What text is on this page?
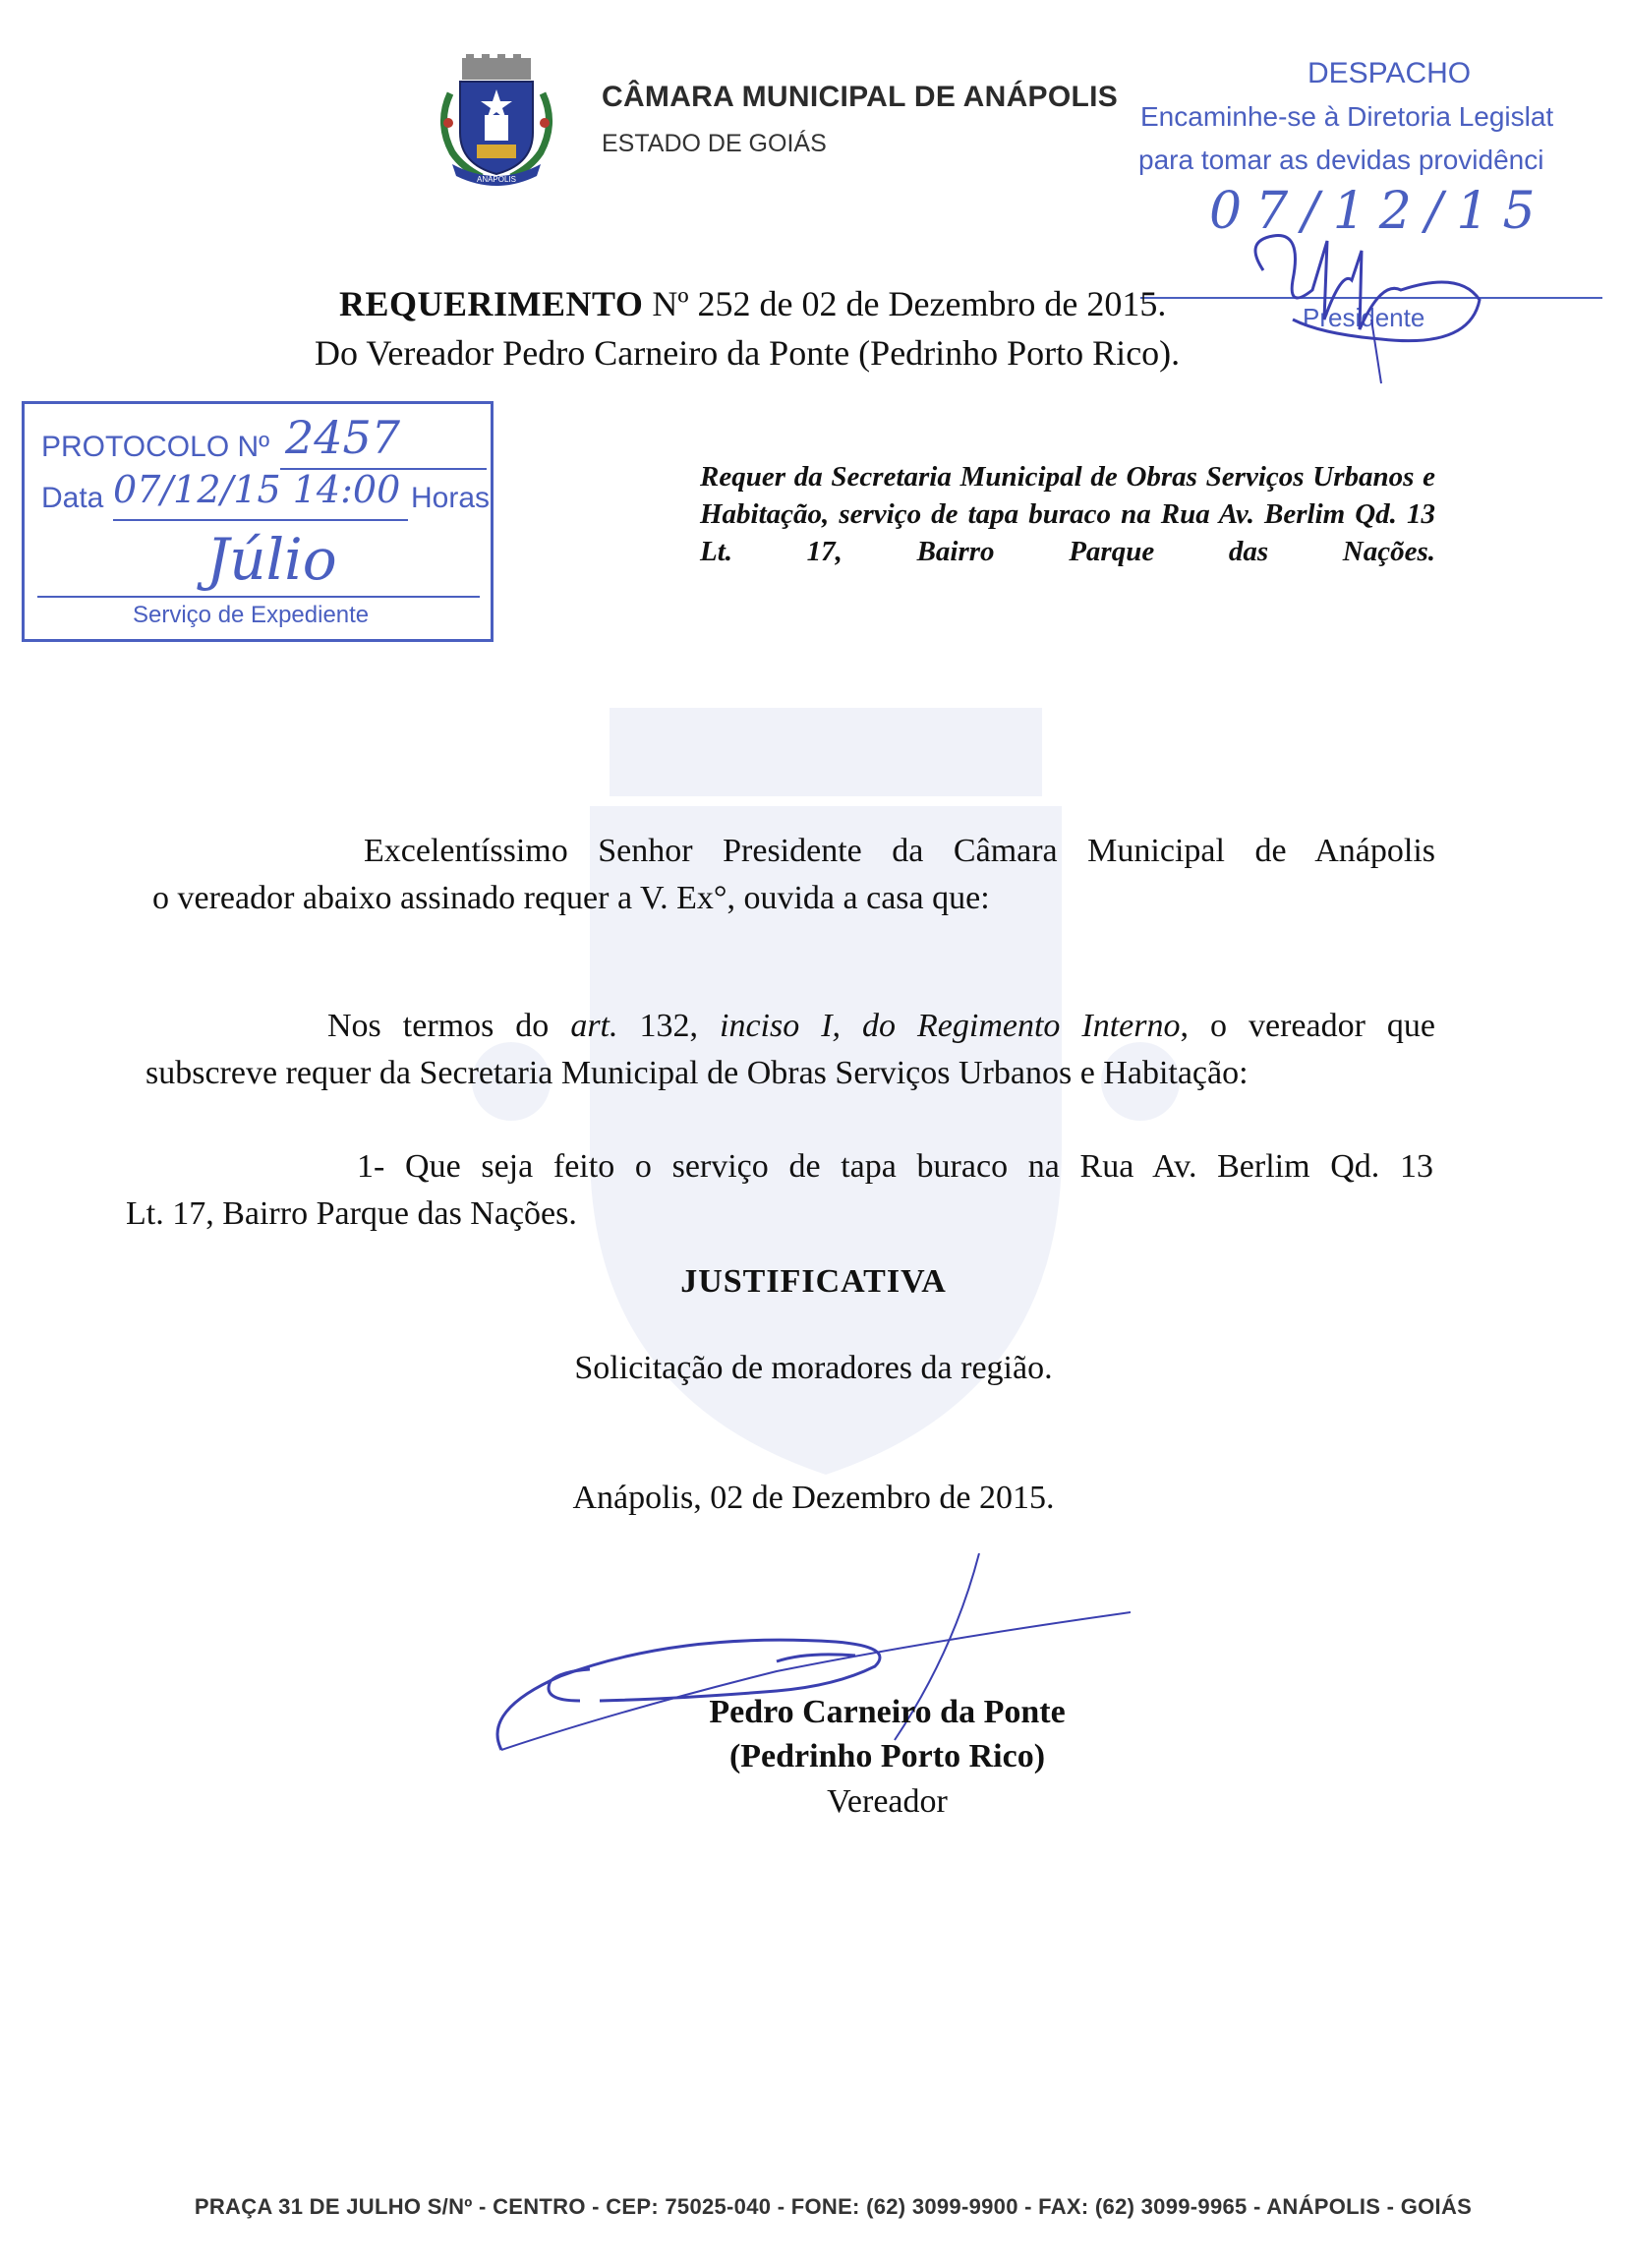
ANÁPOLIS
CÂMARA MUNICIPAL DE ANÁPOLIS
ESTADO DE GOIÁS
DESPACHO
Encaminhe-se à Diretoria Legislat
para tomar as devidas providênci
07/12/15
Presidente
REQUERIMENTO Nº 252 de 02 de Dezembro de 2015.
Do Vereador Pedro Carneiro da Ponte (Pedrinho Porto Rico).
PROTOCOLO Nº 2457
Data 07/12/15 14:00 Horas
Júlio
Serviço de Expediente
Requer da Secretaria Municipal de Obras Serviços Urbanos e Habitação, serviço de tapa buraco na Rua Av. Berlim Qd. 13 Lt. 17, Bairro Parque das Nações.
Excelentíssimo Senhor Presidente da Câmara Municipal de Anápolis
o vereador abaixo assinado requer a V. Ex°, ouvida a casa que:
Nos termos do art. 132, inciso I, do Regimento Interno, o vereador que
subscreve requer da Secretaria Municipal de Obras Serviços Urbanos e Habitação:
1- Que seja feito o serviço de tapa buraco na Rua Av. Berlim Qd. 13
Lt. 17, Bairro Parque das Nações.
JUSTIFICATIVA
Solicitação de moradores da região.
Anápolis, 02 de Dezembro de 2015.
Pedro Carneiro da Ponte
(Pedrinho Porto Rico)
Vereador
PRAÇA 31 DE JULHO S/Nº - CENTRO - CEP: 75025-040 - FONE: (62) 3099-9900 - FAX: (62) 3099-9965 - ANÁPOLIS - GOIÁS
